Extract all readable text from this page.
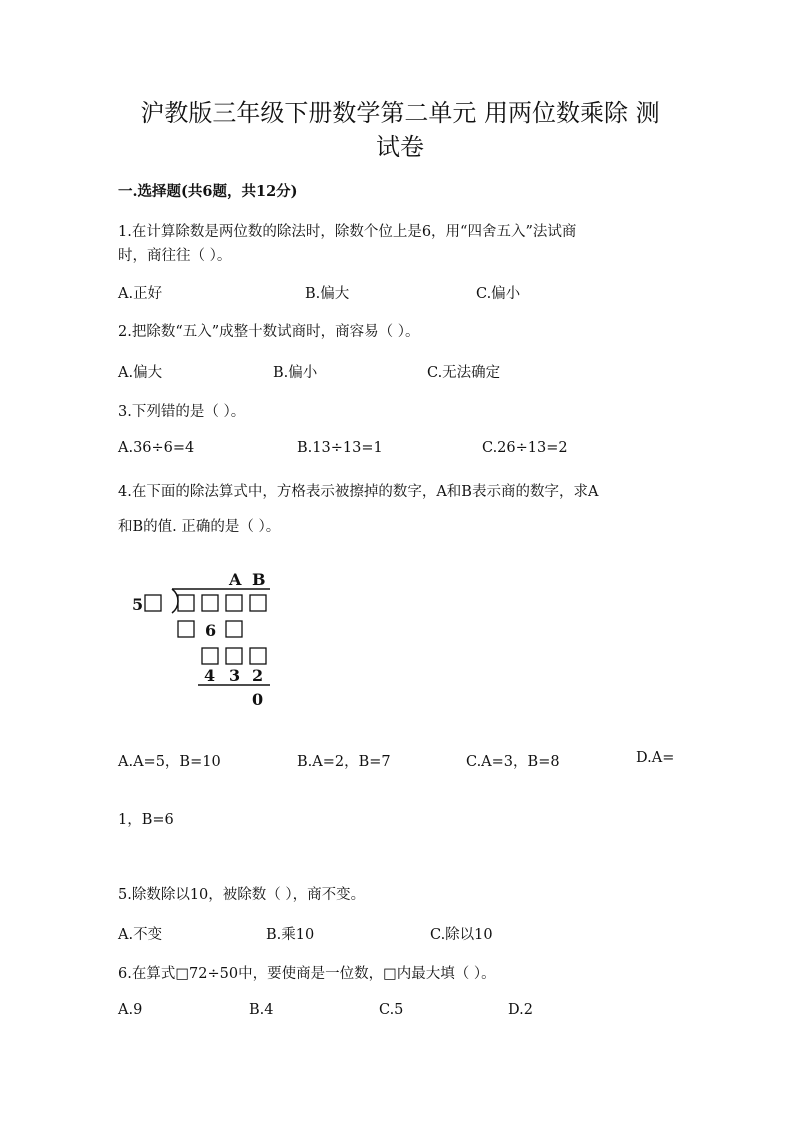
沪教版三年级下册数学第二单元 用两位数乘除 测
试卷
一.选择题(共6题，共12分)
1.在计算除数是两位数的除法时，除数个位上是6，用“四舍五入”法试商
时，商往往（ ）。
A.正好	B.偏大	C.偏小
2.把除数“五入”成整十数试商时，商容易（ ）。
A.偏大	B.偏小	C.无法确定
3.下列错的是（ ）。
A.36÷6=4	B.13÷13=1	C.26÷13=2
4.在下面的除法算式中，方格表示被擦掉的数字，A和B表示商的数字，求A
和B的值. 正确的是（ ）。
A B
5
6
4 3 2
0
A.A=5，B=10	B.A=2，B=7	C.A=3，B=8	D.A=
1，B=6
5.除数除以10，被除数（ ），商不变。
A.不变	B.乘10	C.除以10
6.在算式□72÷50中，要使商是一位数，□内最大填（ ）。
A.9	B.4	C.5	D.2
